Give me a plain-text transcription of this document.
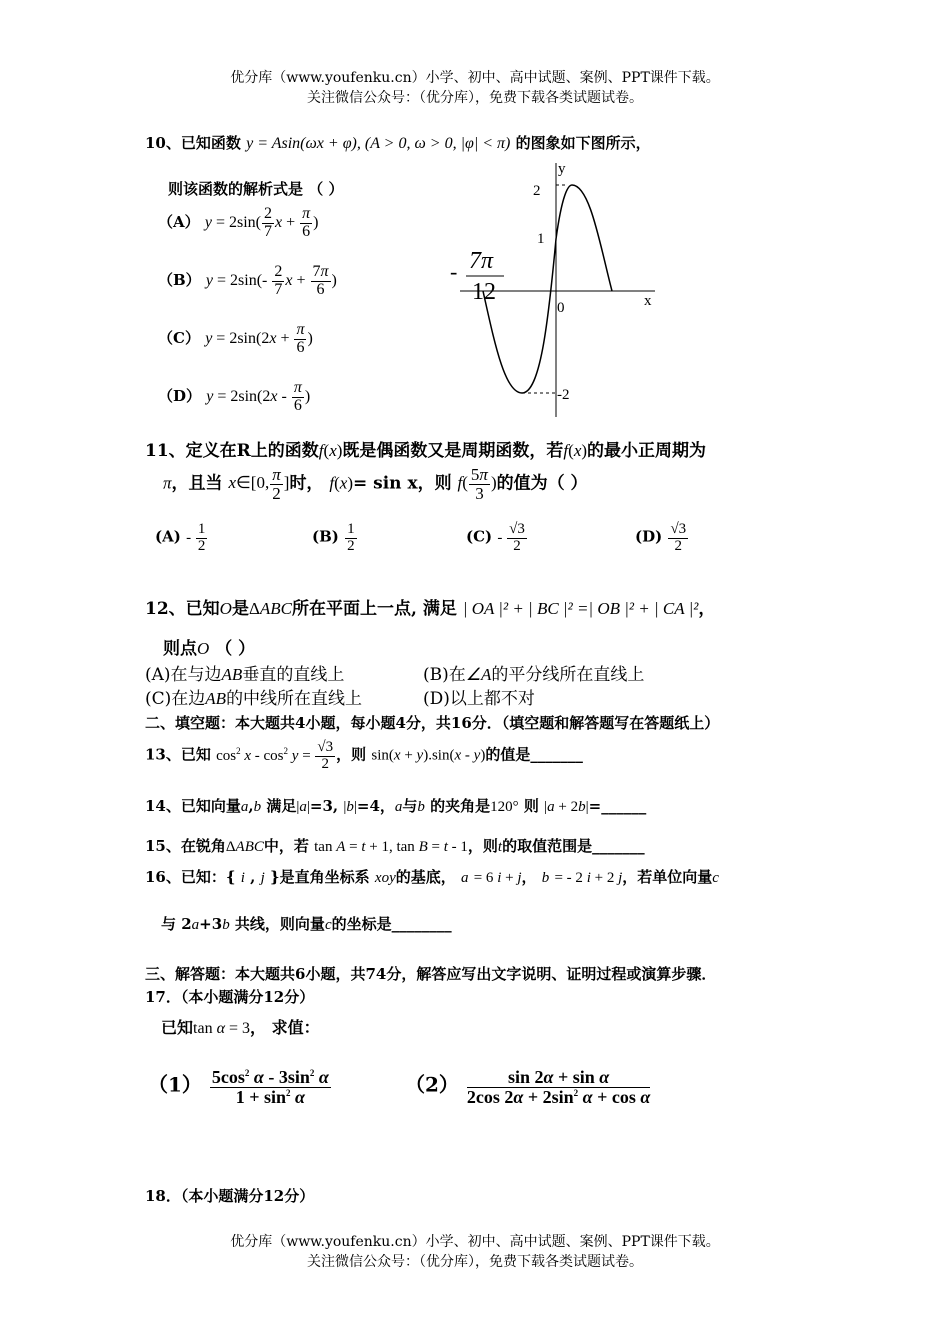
优分库（www.youfenku.cn）小学、初中、高中试题、案例、PPT课件下载。
关注微信公众号：（优分库），免费下载各类试题试卷。
10、已知函数 y = Asin(ωx + φ), (A > 0, ω > 0, |φ| < π) 的图象如下图所示，
则该函数的解析式是 （ ）
（A） $y = 2\sin( \frac{2}{7}$ $x + \frac{\pi}{6}$ )
（B） $y = 2\sin(- \frac{2}{7}$ $x + \frac{7\pi}{6}$ )
（C） $y = 2\sin(2x + \frac{\pi}{6}$ )
（D） $y = 2\sin(2x - \frac{\pi}{6}$ )
y
x
0
2
1
-2
- 7π
12
11、定义在R上的函数f(x)既是偶函数又是周期函数，若f(x)的最小正周期为
π，且当 x∈[0, $\frac{\pi}{2}$ ]时， f(x)= sin x，则 $f( \frac{5\pi}{3}$ )的值为（ ）
$(A) - \frac{1}{2}$	$(B) \frac{1}{2}$	$(C) - \frac{√3}{2}$	$(D) \frac{√3}{2}$
12、已知O是ΔABC所在平面上一点, 满足 | OA |² + | BC |² =| OB |² + | CA |²，
则点O （ ）
(A)在与边AB垂直的直线上	(B)在∠A的平分线所在直线上
(C)在边AB的中线所在直线上	(D)以上都不对
二、填空题：本大题共4小题，每小题4分，共16分．（填空题和解答题写在答题纸上）
13、已知 $\cos^2 x - \cos^2 y = \frac{√3}{2}$ ，则 sin(x + y).sin(x - y)的值是_______
14、已知向量a,b 满足|a|=3, |b|=4，a与b 的夹角是120° 则 |a + 2b|=______
15、在锐角ΔABC中，若 tan A = t + 1, tan B = t - 1，则t的取值范围是_______
16、已知：{ i , j }是直角坐标系 xoy的基底， a = 6 i + j， b = - 2 i + 2 j，若单位向量c
与 2a+3b 共线，则向量c的坐标是________
三、解答题：本大题共6小题，共74分，解答应写出文字说明、证明过程或演算步骤．
17．（本小题满分12分）
已知tan α = 3， 求值：
$(1) \frac{5\cos^2 \alpha - 3\sin^2 \alpha}{1 + \sin^2 \alpha}$	$(2) \frac{\text{sin 2α + sin α}}{2\cos 2\alpha + 2\sin^2 \alpha + \cos \alpha}$
18．（本小题满分12分）
优分库（www.youfenku.cn）小学、初中、高中试题、案例、PPT课件下载。
关注微信公众号：（优分库），免费下载各类试题试卷。
